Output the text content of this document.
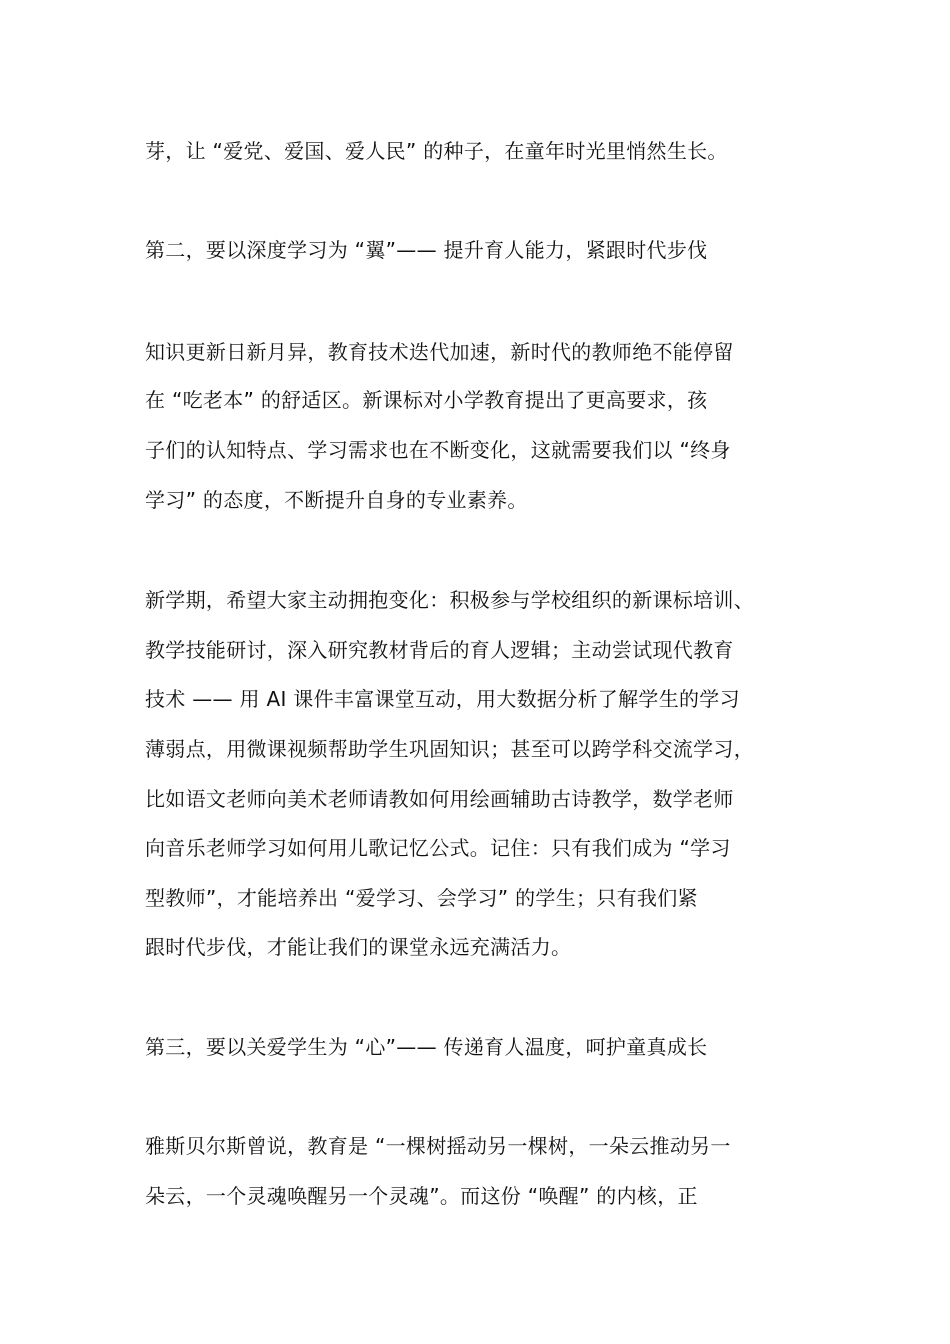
芽，让 “爱党、爱国、爱人民” 的种子，在童年时光里悄然生长。
第二，要以深度学习为 “翼”—— 提升育人能力，紧跟时代步伐
知识更新日新月异，教育技术迭代加速，新时代的教师绝不能停留
在 “吃老本” 的舒适区。新课标对小学教育提出了更高要求，孩
子们的认知特点、学习需求也在不断变化，这就需要我们以 “终身
学习” 的态度，不断提升自身的专业素养。
新学期，希望大家主动拥抱变化：积极参与学校组织的新课标培训、
教学技能研讨，深入研究教材背后的育人逻辑；主动尝试现代教育
技术 —— 用 AI 课件丰富课堂互动，用大数据分析了解学生的学习
薄弱点，用微课视频帮助学生巩固知识；甚至可以跨学科交流学习，
比如语文老师向美术老师请教如何用绘画辅助古诗教学，数学老师
向音乐老师学习如何用儿歌记忆公式。记住：只有我们成为 “学习
型教师”，才能培养出 “爱学习、会学习” 的学生；只有我们紧
跟时代步伐，才能让我们的课堂永远充满活力。
第三，要以关爱学生为 “心”—— 传递育人温度，呵护童真成长
雅斯贝尔斯曾说，教育是 “一棵树摇动另一棵树，一朵云推动另一
朵云，一个灵魂唤醒另一个灵魂”。而这份 “唤醒” 的内核，正
